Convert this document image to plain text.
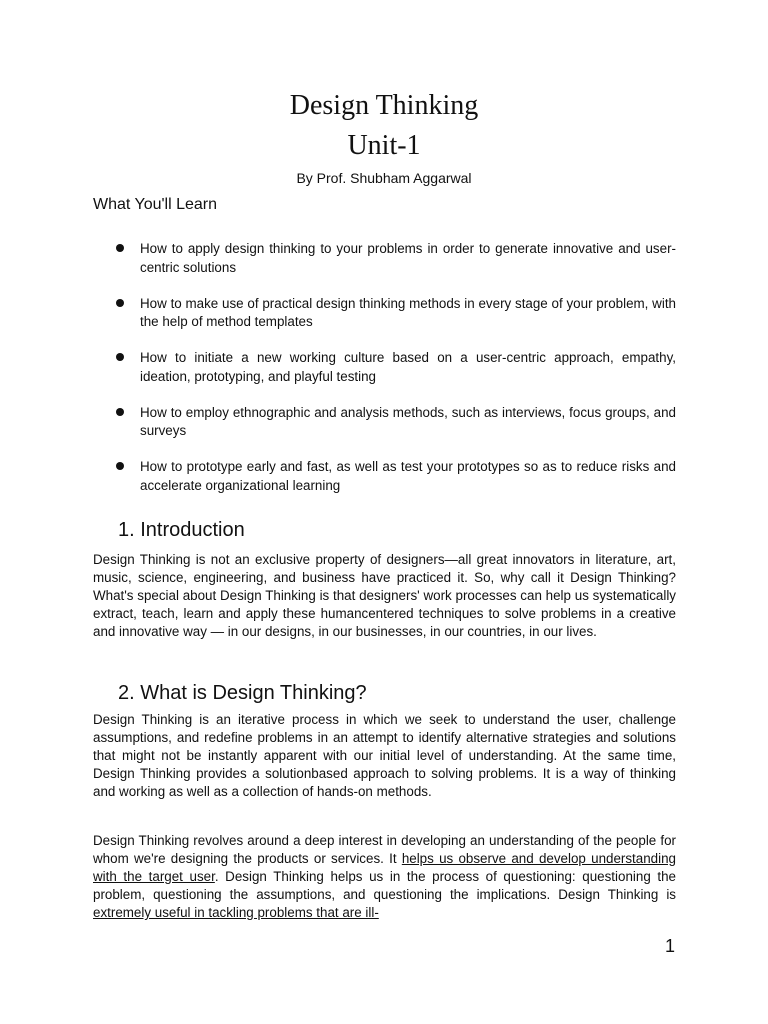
Design Thinking
Unit-1
By Prof. Shubham Aggarwal
What You'll Learn
How to apply design thinking to your problems in order to generate innovative and user-centric solutions
How to make use of practical design thinking methods in every stage of your problem, with the help of method templates
How to initiate a new working culture based on a user-centric approach, empathy, ideation, prototyping, and playful testing
How to employ ethnographic and analysis methods, such as interviews, focus groups, and surveys
How to prototype early and fast, as well as test your prototypes so as to reduce risks and accelerate organizational learning
1. Introduction

Design Thinking is not an exclusive property of designers—all great innovators in literature, art, music, science, engineering, and business have practiced it. So, why call it Design Thinking? What's special about Design Thinking is that designers' work processes can help us systematically extract, teach, learn and apply these humancentered techniques to solve problems in a creative and innovative way — in our designs, in our businesses, in our countries, in our lives.

2. What is Design Thinking?

Design Thinking is an iterative process in which we seek to understand the user, challenge assumptions, and redefine problems in an attempt to identify alternative strategies and solutions that might not be instantly apparent with our initial level of understanding. At the same time, Design Thinking provides a solutionbased approach to solving problems. It is a way of thinking and working as well as a collection of hands-on methods.

Design Thinking revolves around a deep interest in developing an understanding of the people for whom we're designing the products or services. It helps us observe and develop understanding with the target user. Design Thinking helps us in the process of questioning: questioning the problem, questioning the assumptions, and questioning the implications. Design Thinking is extremely useful in tackling problems that are ill-

1
